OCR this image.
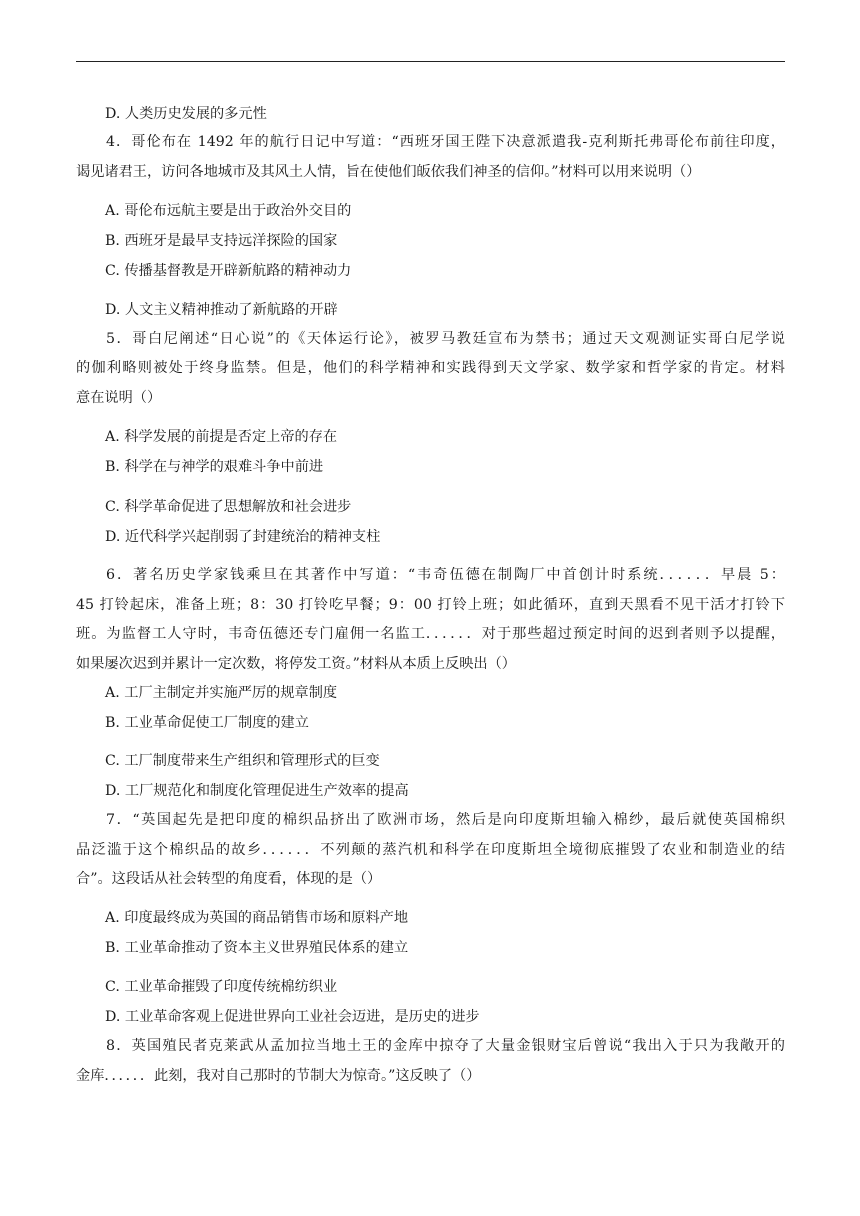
D. 人类历史发展的多元性
4．哥伦布在 1492 年的航行日记中写道：“西班牙国王陛下决意派遣我-克利斯托弗哥伦布前往印度，
谒见诸君王，访问各地城市及其风土人情，旨在使他们皈依我们神圣的信仰。”材料可以用来说明（）
A. 哥伦布远航主要是出于政治外交目的
B. 西班牙是最早支持远洋探险的国家
C. 传播基督教是开辟新航路的精神动力
D. 人文主义精神推动了新航路的开辟
5．哥白尼阐述“日心说”的《天体运行论》，被罗马教廷宣布为禁书；通过天文观测证实哥白尼学说
的伽利略则被处于终身监禁。但是，他们的科学精神和实践得到天文学家、数学家和哲学家的肯定。材料
意在说明（）
A. 科学发展的前提是否定上帝的存在
B. 科学在与神学的艰难斗争中前进
C. 科学革命促进了思想解放和社会进步
D. 近代科学兴起削弱了封建统治的精神支柱
6．著名历史学家钱乘旦在其著作中写道：“韦奇伍德在制陶厂中首创计时系统．．．．．．早晨 5：
45 打铃起床，准备上班；8：30 打铃吃早餐；9：00 打铃上班；如此循环，直到天黑看不见干活才打铃下
班。为监督工人守时，韦奇伍德还专门雇佣一名监工．．．．．．对于那些超过预定时间的迟到者则予以提醒，
如果屡次迟到并累计一定次数，将停发工资。”材料从本质上反映出（）
A. 工厂主制定并实施严厉的规章制度
B. 工业革命促使工厂制度的建立
C. 工厂制度带来生产组织和管理形式的巨变
D. 工厂规范化和制度化管理促进生产效率的提高
7．“英国起先是把印度的棉织品挤出了欧洲市场，然后是向印度斯坦输入棉纱，最后就使英国棉织
品泛滥于这个棉织品的故乡．．．．．．不列颠的蒸汽机和科学在印度斯坦全境彻底摧毁了农业和制造业的结
合”。这段话从社会转型的角度看，体现的是（）
A. 印度最终成为英国的商品销售市场和原料产地
B. 工业革命推动了资本主义世界殖民体系的建立
C. 工业革命摧毁了印度传统棉纺织业
D. 工业革命客观上促进世界向工业社会迈进，是历史的进步
8．英国殖民者克莱武从孟加拉当地土王的金库中掠夺了大量金银财宝后曾说“我出入于只为我敞开的
金库．．．．．．此刻，我对自己那时的节制大为惊奇。”这反映了（）
